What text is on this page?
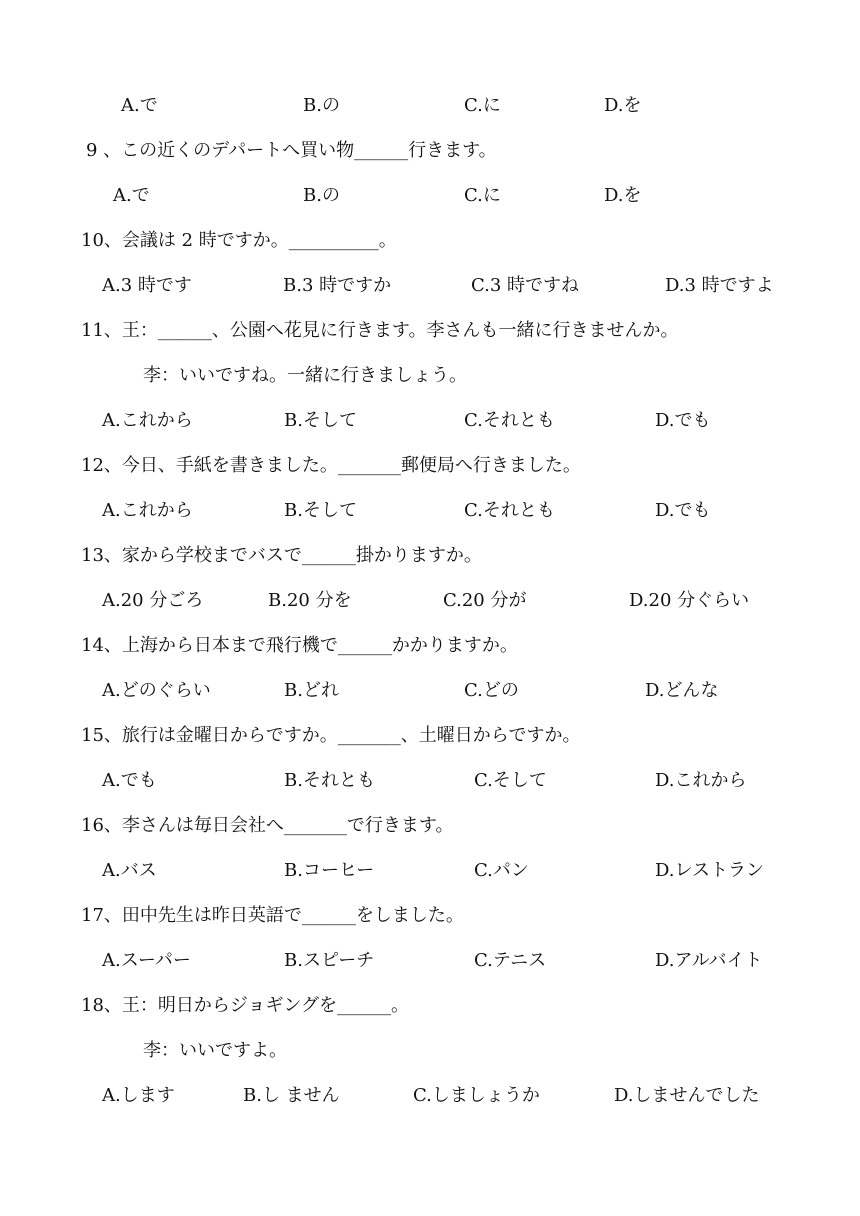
A.で	B.の	C.に	D.を
9 、この近くのデパートへ買い物______行きます。
A.で	B.の	C.に	D.を
10、会議は 2 時ですか。__________。
A.3 時です	B.3 時ですか	C.3 時ですね	D.3 時ですよ
11、王：______、公園へ花見に行きます。李さんも一緒に行きませんか。
李：いいですね。一緒に行きましょう。
A.これから	B.そして	C.それとも	D.でも
12、今日、手紙を書きました。_______郵便局へ行きました。
A.これから	B.そして	C.それとも	D.でも
13、家から学校までバスで______掛かりますか。
A.20 分ごろ	B.20 分を	C.20 分が	D.20 分ぐらい
14、上海から日本まで飛行機で______かかりますか。
A.どのぐらい	B.どれ	C.どの	D.どんな
15、旅行は金曜日からですか。_______、土曜日からですか。
A.でも	B.それとも	C.そして	D.これから
16、李さんは毎日会社へ_______で行きます。
A.バス	B.コーヒー	C.パン	D.レストラン
17、田中先生は昨日英語で______をしました。
A.スーパー	B.スピーチ	C.テニス	D.アルバイト
18、王：明日からジョギングを______。
李：いいですよ。
A.します	B.し ません	C.しましょうか	D.しませんでした
